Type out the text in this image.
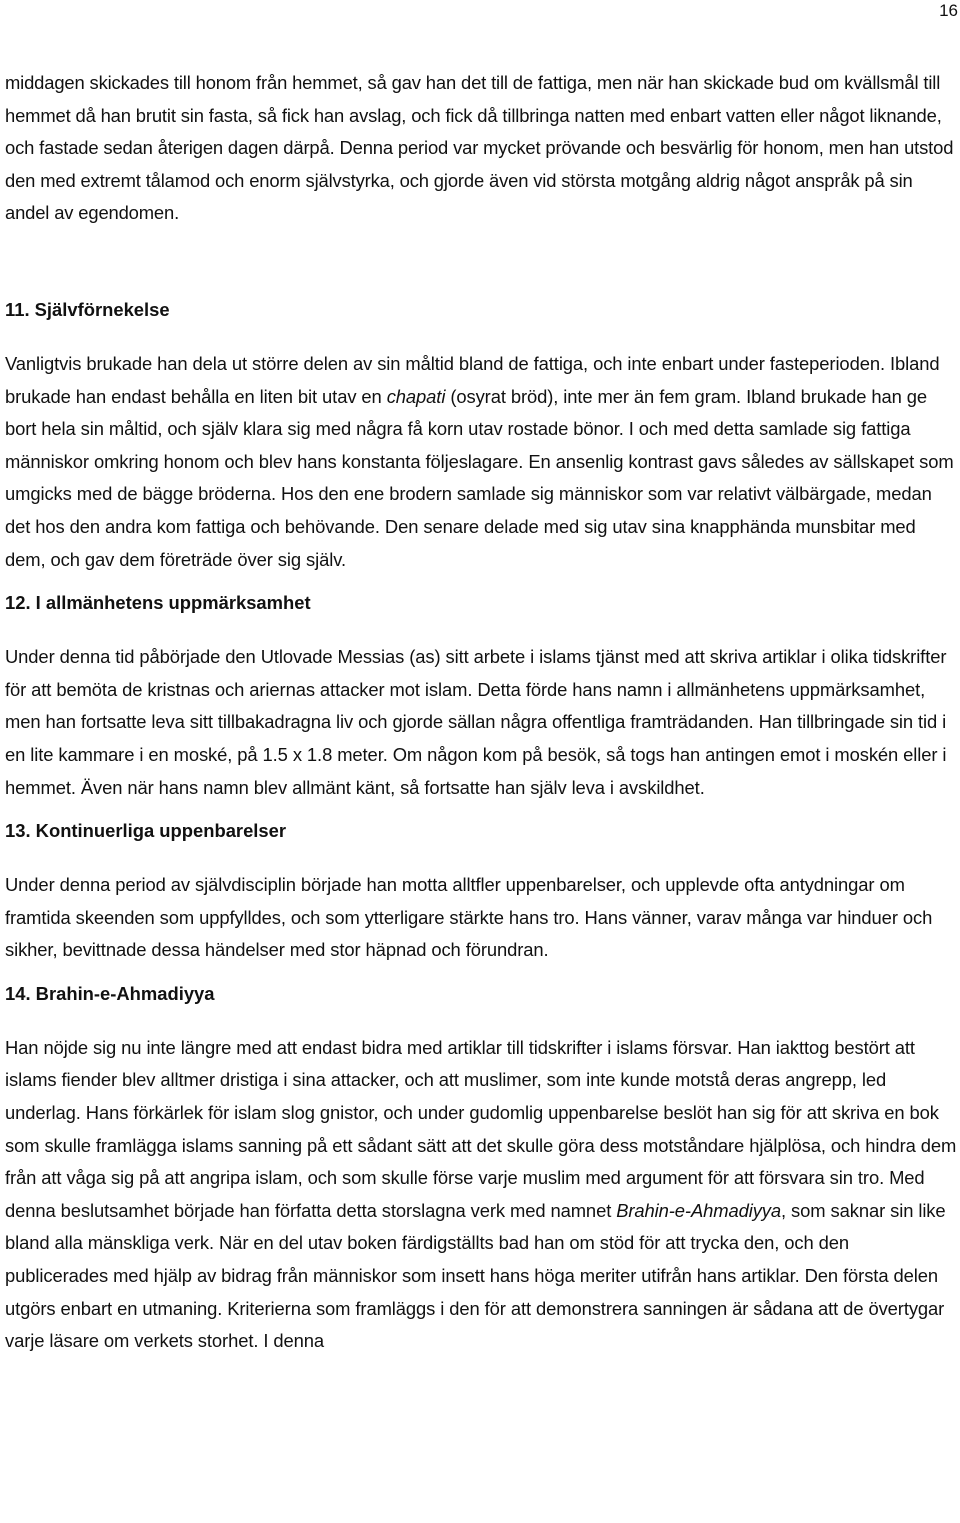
16

middagen skickades till honom från hemmet, så gav han det till de fattiga, men när han skickade bud om kvällsmål till hemmet då han brutit sin fasta, så fick han avslag, och fick då tillbringa natten med enbart vatten eller något liknande, och fastade sedan återigen dagen därpå. Denna period var mycket prövande och besvärlig för honom, men han utstod den med extremt tålamod och enorm självstyrka, och gjorde även vid största motgång aldrig något anspråk på sin andel av egendomen.

11. Självförnekelse

Vanligtvis brukade han dela ut större delen av sin måltid bland de fattiga, och inte enbart under fasteperioden. Ibland brukade han endast behålla en liten bit utav en chapati (osyrat bröd), inte mer än fem gram. Ibland brukade han ge bort hela sin måltid, och själv klara sig med några få korn utav rostade bönor. I och med detta samlade sig fattiga människor omkring honom och blev hans konstanta följeslagare. En ansenlig kontrast gavs således av sällskapet som umgicks med de bägge bröderna. Hos den ene brodern samlade sig människor som var relativt välbärgade, medan det hos den andra kom fattiga och behövande. Den senare delade med sig utav sina knapphända munsbitar med dem, och gav dem företräde över sig själv.

12. I allmänhetens uppmärksamhet

Under denna tid påbörjade den Utlovade Messias (as) sitt arbete i islams tjänst med att skriva artiklar i olika tidskrifter för att bemöta de kristnas och ariernas attacker mot islam. Detta förde hans namn i allmänhetens uppmärksamhet, men han fortsatte leva sitt tillbakadragna liv och gjorde sällan några offentliga framträdanden. Han tillbringade sin tid i en lite kammare i en moské, på 1.5 x 1.8 meter. Om någon kom på besök, så togs han antingen emot i moskén eller i hemmet. Även när hans namn blev allmänt känt, så fortsatte han själv leva i avskildhet.

13. Kontinuerliga uppenbarelser

Under denna period av självdisciplin började han motta alltfler uppenbarelser, och upplevde ofta antydningar om framtida skeenden som uppfylldes, och som ytterligare stärkte hans tro. Hans vänner, varav många var hinduer och sikher, bevittnade dessa händelser med stor häpnad och förundran.

14. Brahin-e-Ahmadiyya

Han nöjde sig nu inte längre med att endast bidra med artiklar till tidskrifter i islams försvar. Han iakttog bestört att islams fiender blev alltmer dristiga i sina attacker, och att muslimer, som inte kunde motstå deras angrepp, led underlag. Hans förkärlek för islam slog gnistor, och under gudomlig uppenbarelse beslöt han sig för att skriva en bok som skulle framlägga islams sanning på ett sådant sätt att det skulle göra dess motståndare hjälplösa, och hindra dem från att våga sig på att angripa islam, och som skulle förse varje muslim med argument för att försvara sin tro. Med denna beslutsamhet började han författa detta storslagna verk med namnet Brahin-e-Ahmadiyya, som saknar sin like bland alla mänskliga verk. När en del utav boken färdigställts bad han om stöd för att trycka den, och den publicerades med hjälp av bidrag från människor som insett hans höga meriter utifrån hans artiklar. Den första delen utgörs enbart en utmaning. Kriterierna som framläggs i den för att demonstrera sanningen är sådana att de övertygar varje läsare om verkets storhet. I denna
